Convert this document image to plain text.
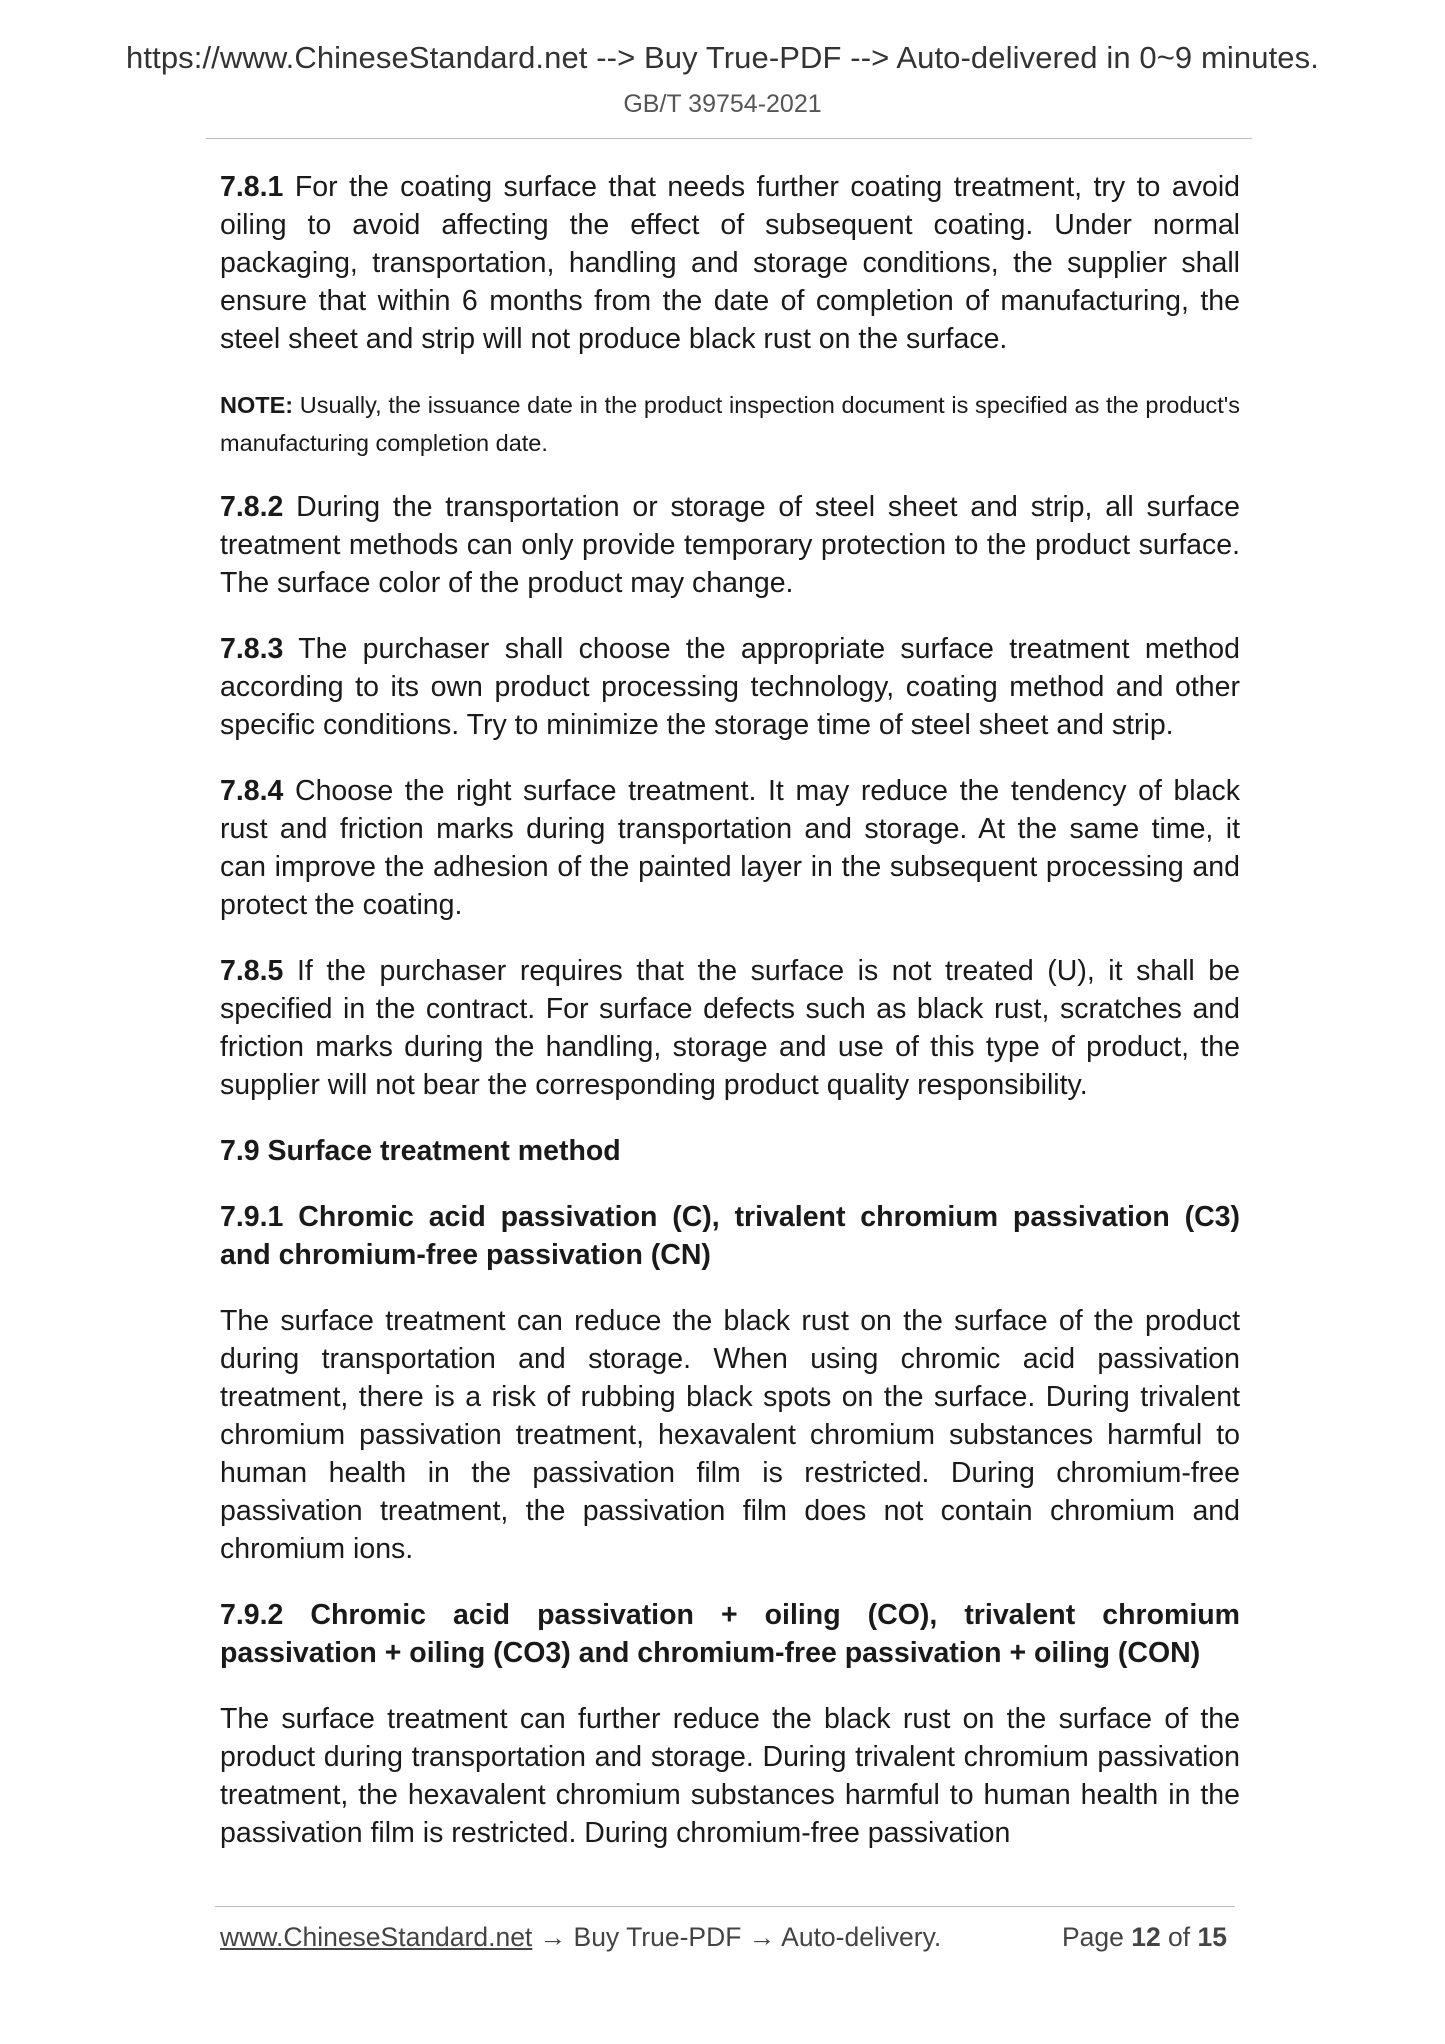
https://www.ChineseStandard.net --> Buy True-PDF --> Auto-delivered in 0~9 minutes.
GB/T 39754-2021

7.8.1 For the coating surface that needs further coating treatment, try to avoid oiling to avoid affecting the effect of subsequent coating. Under normal packaging, transportation, handling and storage conditions, the supplier shall ensure that within 6 months from the date of completion of manufacturing, the steel sheet and strip will not produce black rust on the surface.

NOTE: Usually, the issuance date in the product inspection document is specified as the product's manufacturing completion date.

7.8.2 During the transportation or storage of steel sheet and strip, all surface treatment methods can only provide temporary protection to the product surface. The surface color of the product may change.

7.8.3 The purchaser shall choose the appropriate surface treatment method according to its own product processing technology, coating method and other specific conditions. Try to minimize the storage time of steel sheet and strip.

7.8.4 Choose the right surface treatment. It may reduce the tendency of black rust and friction marks during transportation and storage. At the same time, it can improve the adhesion of the painted layer in the subsequent processing and protect the coating.

7.8.5 If the purchaser requires that the surface is not treated (U), it shall be specified in the contract. For surface defects such as black rust, scratches and friction marks during the handling, storage and use of this type of product, the supplier will not bear the corresponding product quality responsibility.

7.9 Surface treatment method
7.9.1 Chromic acid passivation (C), trivalent chromium passivation (C3) and chromium-free passivation (CN)

The surface treatment can reduce the black rust on the surface of the product during transportation and storage. When using chromic acid passivation treatment, there is a risk of rubbing black spots on the surface. During trivalent chromium passivation treatment, hexavalent chromium substances harmful to human health in the passivation film is restricted. During chromium-free passivation treatment, the passivation film does not contain chromium and chromium ions.

7.9.2 Chromic acid passivation + oiling (CO), trivalent chromium passivation + oiling (CO3) and chromium-free passivation + oiling (CON)

The surface treatment can further reduce the black rust on the surface of the product during transportation and storage. During trivalent chromium passivation treatment, the hexavalent chromium substances harmful to human health in the passivation film is restricted. During chromium-free passivation

www.ChineseStandard.net → Buy True-PDF → Auto-delivery.	Page 12 of 15
